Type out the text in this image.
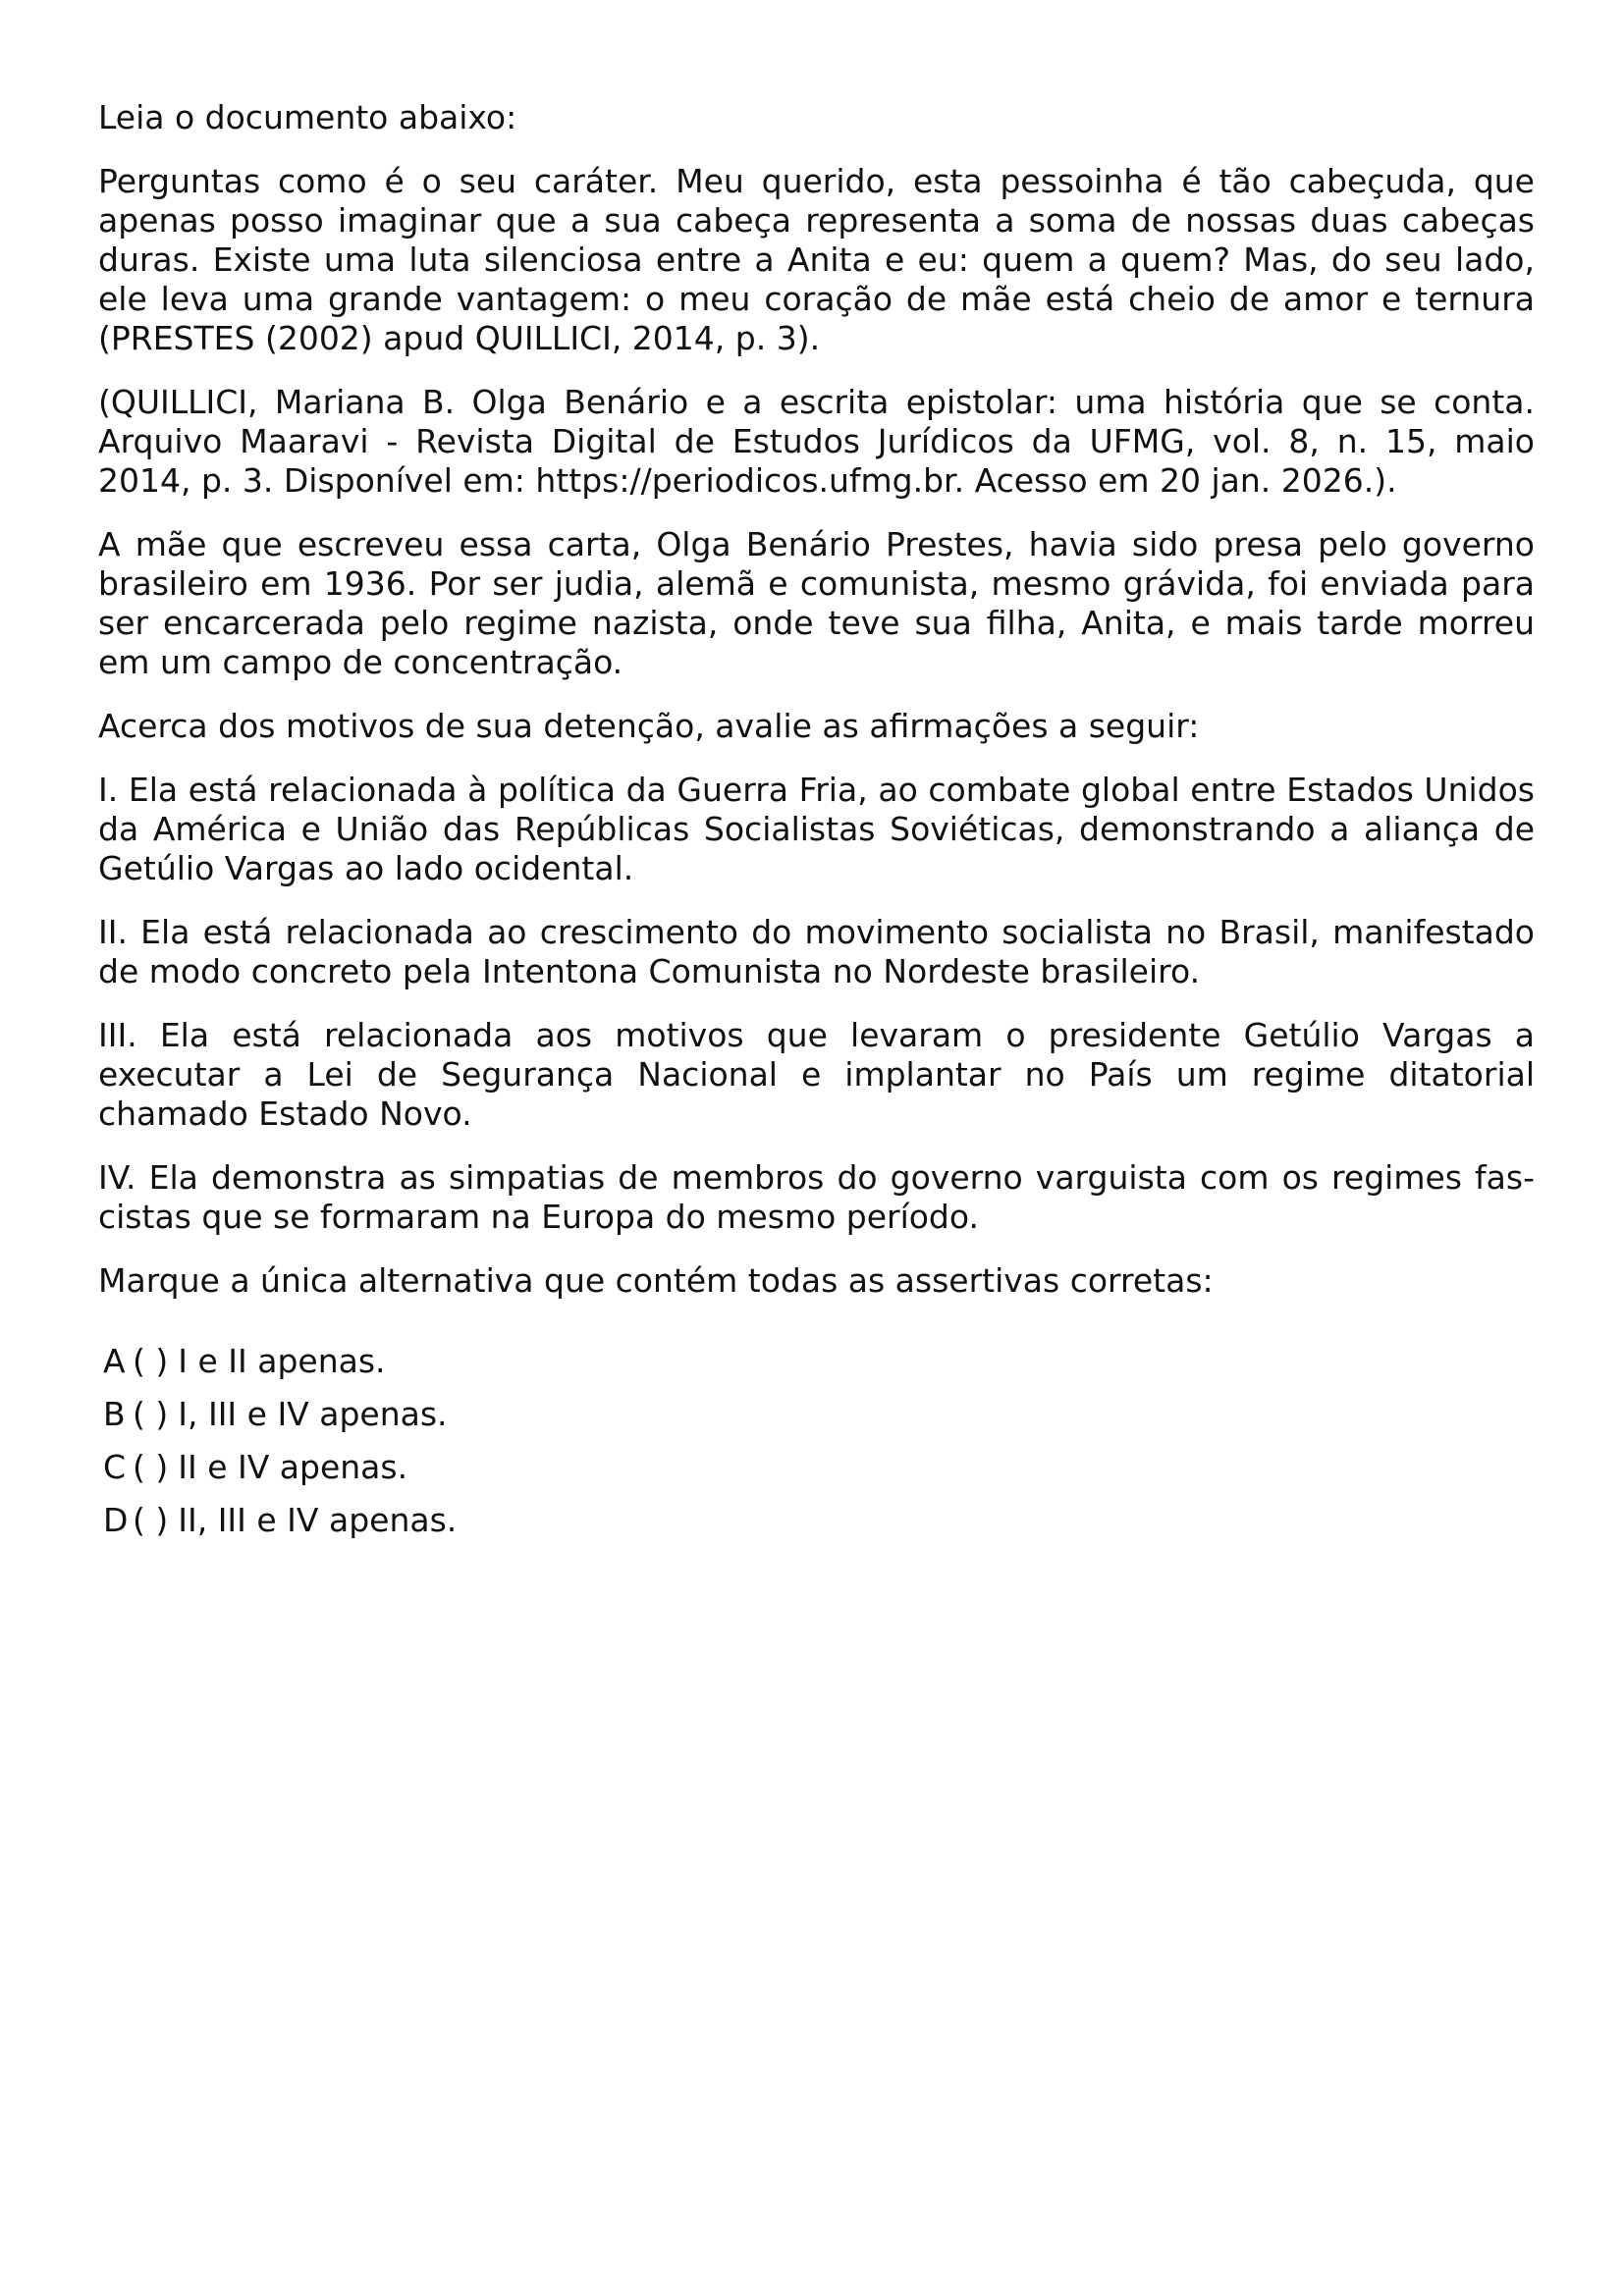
Leia o documento abaixo:

Perguntas como é o seu caráter. Meu querido, esta pessoinha é tão cabeçuda, que apenas posso imaginar que a sua cabeça representa a soma de nossas duas cabeças duras. Existe uma luta silenciosa entre a Anita e eu: quem a quem? Mas, do seu lado, ele leva uma grande vantagem: o meu coração de mãe está cheio de amor e ternura (PRESTES (2002) apud QUILLICI, 2014, p. 3).

(QUILLICI, Mariana B. Olga Benário e a escrita epistolar: uma história que se conta. Arquivo Maaravi - Revista Digital de Estudos Jurídicos da UFMG, vol. 8, n. 15, maio 2014, p. 3. Disponível em: https://periodicos.ufmg.br. Acesso em 20 jan. 2026.).

A mãe que escreveu essa carta, Olga Benário Prestes, havia sido presa pelo governo brasileiro em 1936. Por ser judia, alemã e comunista, mesmo grávida, foi enviada para ser encarcerada pelo regime nazista, onde teve sua filha, Anita, e mais tarde morreu em um campo de concentração.

Acerca dos motivos de sua detenção, avalie as afirmações a seguir:

I. Ela está relacionada à política da Guerra Fria, ao combate global entre Estados Unidos da América e União das Repúblicas Socialistas Soviéticas, demonstrando a aliança de Getúlio Vargas ao lado ocidental.

II. Ela está relacionada ao crescimento do movimento socialista no Brasil, manifestado de modo concreto pela Intentona Comunista no Nordeste brasileiro.

III. Ela está relacionada aos motivos que levaram o presidente Getúlio Vargas a executar a Lei de Segurança Nacional e implantar no País um regime ditatorial chamado Estado Novo.

IV. Ela demonstra as simpatias de membros do governo varguista com os regimes fascistas que se formaram na Europa do mesmo período.

Marque a única alternativa que contém todas as assertivas corretas:

A ( ) I e II apenas.
B ( ) I, III e IV apenas.
C ( ) II e IV apenas.
D ( ) II, III e IV apenas.
